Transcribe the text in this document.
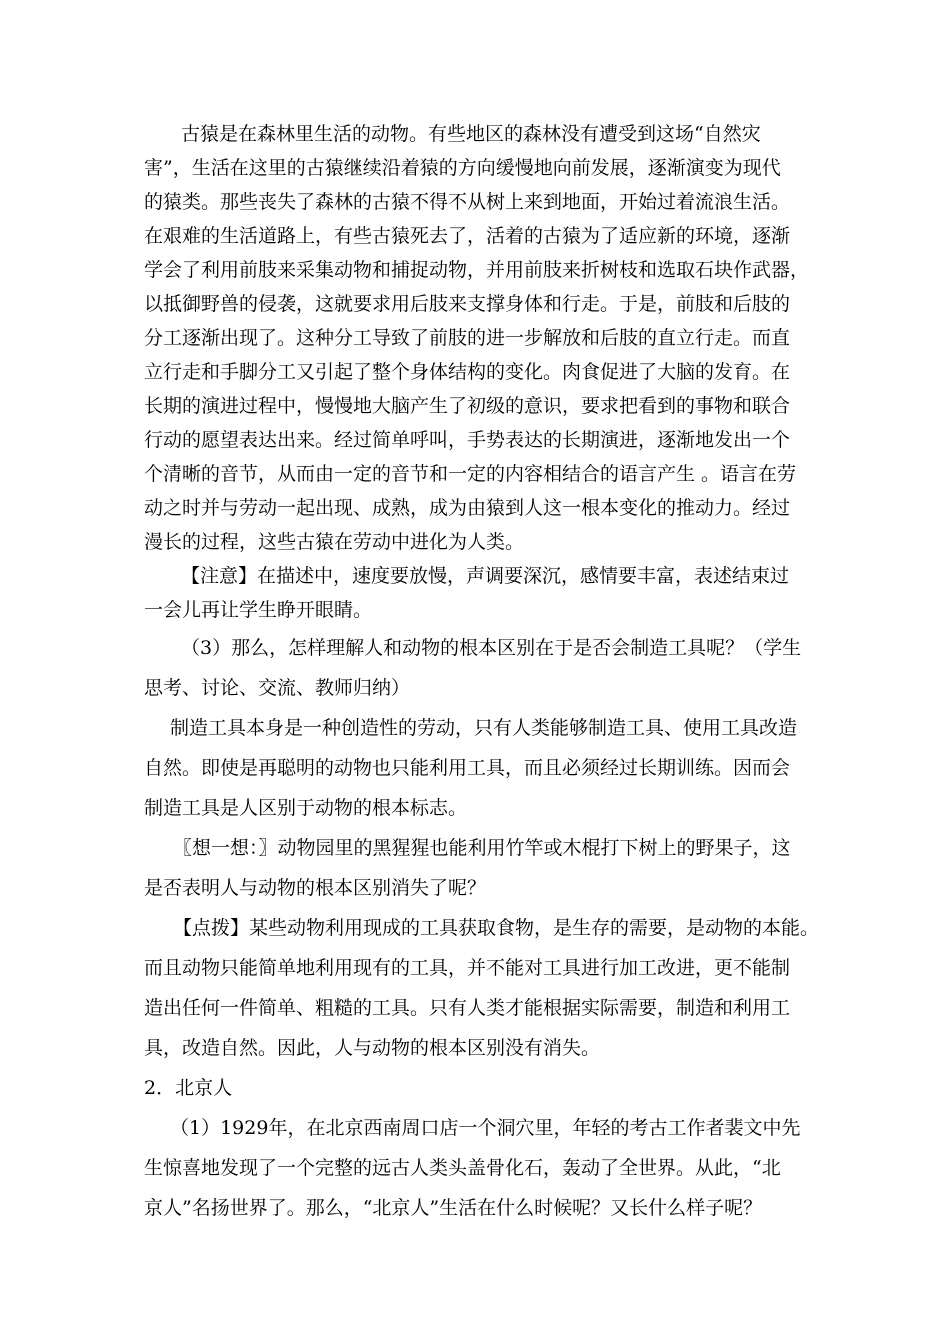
古猿是在森林里生活的动物。有些地区的森林没有遭受到这场“自然灾

害”，生活在这里的古猿继续沿着猿的方向缓慢地向前发展，逐渐演变为现代

的猿类。那些丧失了森林的古猿不得不从树上来到地面，开始过着流浪生活。

在艰难的生活道路上，有些古猿死去了，活着的古猿为了适应新的环境，逐渐

学会了利用前肢来采集动物和捕捉动物，并用前肢来折树枝和选取石块作武器，

以抵御野兽的侵袭，这就要求用后肢来支撑身体和行走。于是，前肢和后肢的

分工逐渐出现了。这种分工导致了前肢的进一步解放和后肢的直立行走。而直

立行走和手脚分工又引起了整个身体结构的变化。肉食促进了大脑的发育。在

长期的演进过程中，慢慢地大脑产生了初级的意识，要求把看到的事物和联合

行动的愿望表达出来。经过简单呼叫，手势表达的长期演进，逐渐地发出一个

个清晰的音节，从而由一定的音节和一定的内容相结合的语言产生 。语言在劳

动之时并与劳动一起出现、成熟，成为由猿到人这一根本变化的推动力。经过

漫长的过程，这些古猿在劳动中进化为人类。

【注意】在描述中，速度要放慢，声调要深沉，感情要丰富，表述结束过

一会儿再让学生睁开眼睛。

（3）那么，怎样理解人和动物的根本区别在于是否会制造工具呢？（学生

思考、讨论、交流、教师归纳）

制造工具本身是一种创造性的劳动，只有人类能够制造工具、使用工具改造

自然。即使是再聪明的动物也只能利用工具，而且必须经过长期训练。因而会

制造工具是人区别于动物的根本标志。

〖想一想：〗动物园里的黑猩猩也能利用竹竿或木棍打下树上的野果子，这

是否表明人与动物的根本区别消失了呢？

【点拨】某些动物利用现成的工具获取食物，是生存的需要，是动物的本能。

而且动物只能简单地利用现有的工具，并不能对工具进行加工改进，更不能制

造出任何一件简单、粗糙的工具。只有人类才能根据实际需要，制造和利用工

具，改造自然。因此，人与动物的根本区别没有消失。

2．北京人

（1）1929年，在北京西南周口店一个洞穴里，年轻的考古工作者裴文中先

生惊喜地发现了一个完整的远古人类头盖骨化石，轰动了全世界。从此，“北

京人”名扬世界了。那么，“北京人”生活在什么时候呢？又长什么样子呢？
